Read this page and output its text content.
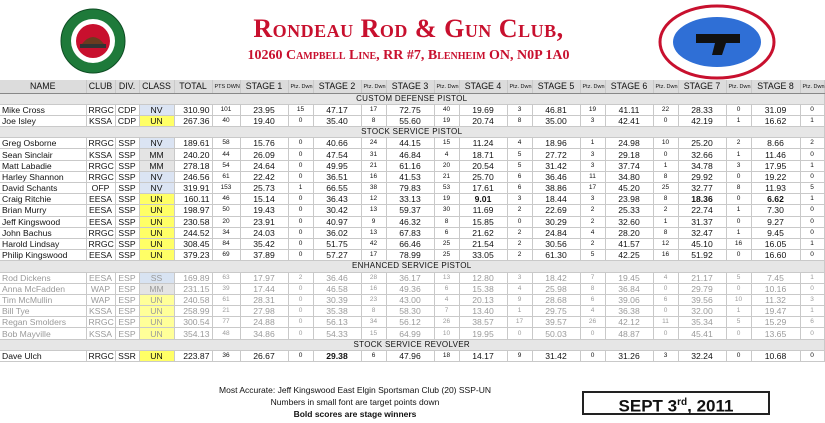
Rondeau Rod & Gun Club,
10260 Campbell Line, RR #7, Blenheim ON, N0P 1A0
NAME	CLUB	DIV.	CLASS	TOTAL	PTS DWN	STAGE 1	Ptz. Dwn	STAGE 2	Ptz. Dwn	STAGE 3	Ptz. Dwn	STAGE 4	Ptz. Dwn	STAGE 5	Ptz. Dwn	STAGE 6	Ptz. Dwn	STAGE 7	Ptz. Dwn	STAGE 8	Ptz. Dwn
CUSTOM DEFENSE PISTOL																					
Mike Cross	RRGC	CDP	NV	310.90	101	23.95	15	47.17	17	72.75	40	19.69	3	46.81	19	41.11	22	28.33	0	31.09	0
Joe Isley	KSSA	CDP	UN	267.36	40	19.40	0	35.40	8	55.60	19	20.74	8	35.00	3	42.41	0	42.19	1	16.62	1
STOCK SERVICE PISTOL																					
Greg Osborne	RRGC	SSP	NV	189.61	58	15.76	0	40.66	24	44.15	15	11.24	4	18.96	1	24.98	10	25.20	2	8.66	2
Sean Sinclair	KSSA	SSP	MM	240.20	44	26.09	0	47.54	31	46.84	4	18.71	5	27.72	3	29.18	0	32.66	1	11.46	0
Matt Labadie	RRGC	SSP	MM	278.18	54	24.64	0	49.95	21	61.16	20	20.54	5	31.42	3	37.74	1	34.78	3	17.95	1
Harley Shannon	RRGC	SSP	NV	246.56	61	22.42	0	36.51	16	41.53	21	25.70	6	36.46	11	34.80	8	29.92	0	19.22	0
David Schants	OFP	SSP	NV	319.91	153	25.73	1	66.55	38	79.83	53	17.61	6	38.86	17	45.20	25	32.77	8	11.93	5
Craig Ritchie	EESA	SSP	UN	160.11	46	15.14	0	36.43	12	33.13	19	9.01	3	18.44	3	23.98	8	18.36	0	6.62	1
Brian Murry	EESA	SSP	UN	198.97	50	19.43	0	30.42	13	59.37	30	11.69	2	22.69	2	25.33	2	22.74	1	7.30	0
Jeff Kingswood	EESA	SSP	UN	230.58	20	23.91	0	40.97	9	46.32	8	15.85	0	30.29	2	32.60	1	31.37	0	9.27	0
John Bachus	RRGC	SSP	UN	244.52	34	24.03	0	36.02	13	67.83	6	21.62	2	24.84	4	28.20	8	32.47	1	9.45	0
Harold Lindsay	RRGC	SSP	UN	308.45	84	35.42	0	51.75	42	66.46	25	21.54	2	30.56	2	41.57	12	45.10	16	16.05	1
Philip Kingswood	EESA	SSP	UN	379.23	69	37.89	0	57.27	17	78.99	25	33.05	2	61.30	5	42.25	16	51.92	0	16.60	0
ENHANCED SERVICE PISTOL																					
Rod Dickens	EESA	ESP	SS	169.89	63	17.97	2	36.46	28	36.17	13	12.80	3	18.42	7	19.45	4	21.17	5	7.45	1
Anna McFadden	WAP	ESP	MM	231.15	39	17.44	0	46.58	16	49.36	6	15.38	4	25.98	8	36.84	0	29.79	0	10.16	0
Tim McMullin	WAP	ESP	UN	240.58	61	28.31	0	30.39	23	43.00	4	20.13	9	28.68	6	39.06	6	39.56	10	11.32	3
Bill Tye	KSSA	ESP	UN	258.99	21	27.98	0	35.38	8	58.30	7	13.40	1	29.75	4	36.38	0	32.00	1	19.47	1
Regan Smolders	RRGC	ESP	UN	300.54	77	24.88	0	56.13	34	56.12	26	38.57	17	39.57	26	42.12	11	35.34	5	15.29	6
Bob Mayville	KSSA	ESP	UN	354.13	48	34.86	0	54.33	15	64.99	10	19.95	0	50.03	0	48.87	0	45.41	0	13.65	0
STOCK SERVICE REVOLVER																					
Dave Ulch	RRGC	SSR	UN	223.87	36	26.67	0	29.38	6	47.96	18	14.17	9	31.42	0	31.26	3	32.24	0	10.68	0
Most Accurate: Jeff Kingswood East Elgin Sportsman Club (20) SSP-UN
Numbers in small font are target points down
Bold scores are stage winners	SEPT 3rd, 2011
